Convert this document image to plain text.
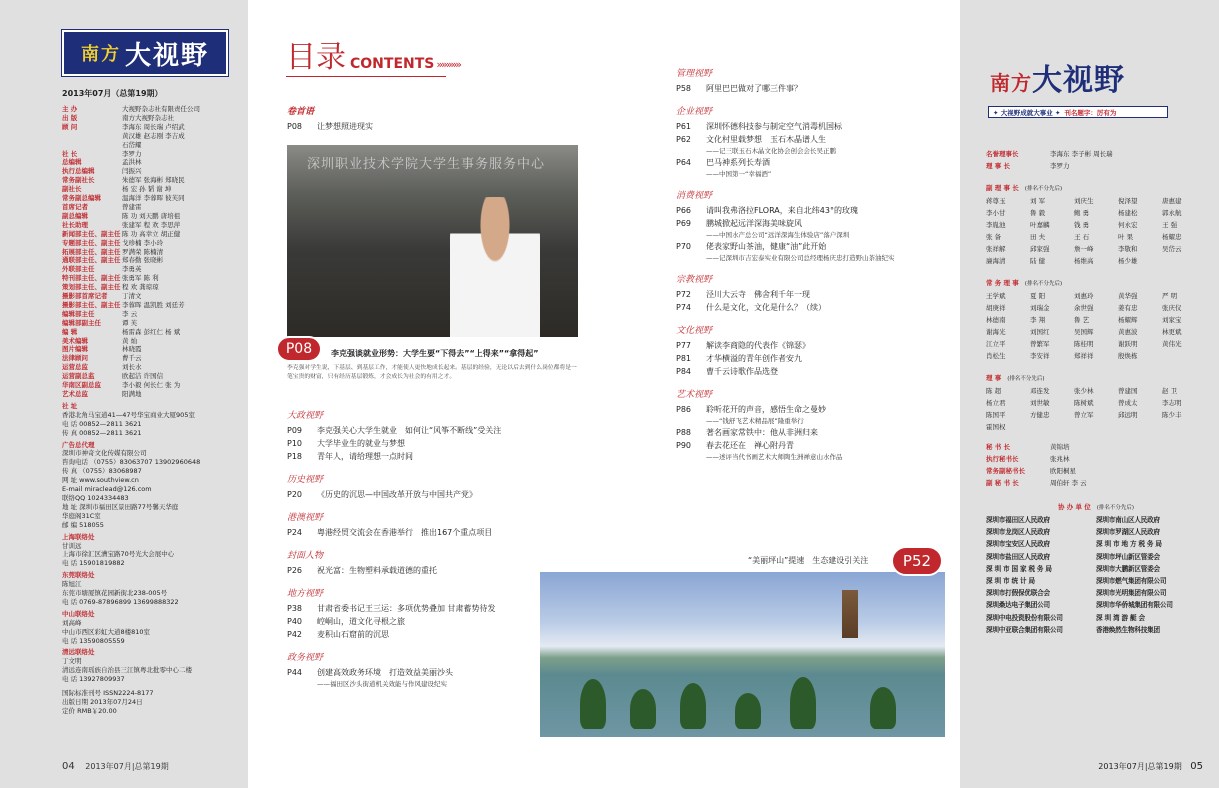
南方 大视野
2013年07月（总第19期）
主 办	大视野杂志社有限责任公司
出 版	南方大视野杂志社
顾 问	李海东 周长瑞 卢绍武
黄汉雄 赵志刚 李吉成
石岱耀
社 长	李罗力
总编辑	孟洪林
执行总编辑	闫振兴
常务副社长	朱德军 张海彬 郑晓民
副社长	杨 宏 孙 韬 谢 坤
常务副总编辑	温海洋 李蓉晖 彼芙同
首席记者	曾建雷
副总编辑	陈 功 刘天鹏 唐培祖
社长助理	张建军 程 欢 李思萍
新闻部主任、副主任 陈 功 高幸立 胡正健
专题部主任、副主任 戈珍楠 李小玲
拓展部主任、副主任 罗满荣 陈楠清
通联部主任、副主任 郑春勤 张晓彬
外联部主任	李勇英
特刊部主任、副主任 张勇军 陈 利
策划部主任、副主任 程 欢 龚琼琼
摄影部首席记者	丁清文
摄影部主任、副主任 李蓉晖 温凯胜 刘廷芳
编辑部主任	李 云
编辑部副主任	谭 芙
编 辑	杨雷森 彭红仁 杨 斌
美术编辑	黄 灿
图片编辑	林晓霞
法律顾问	曹千云
运营总监	刘长水
运营副总监	欧起洁 许国信
华南区副总监	李小毅 何长仁 张 为
艺术总监	阳满地
社 址
香港北角马宝道41—47号华宝商业大厦905室
电 话 00852—2811 3621
传 真 00852—2811 3621
广告总代理
深圳市神奇文化传媒有限公司
咨询电话 （0755）83063707 13902960648
传 真 （0755）83068987
网 址 www.southview.cn
E-mail miraclead@126.com
联络QQ 1024334483
地 址 深圳市福田区景田路77号馨天华庭
华庭阁31C室
邮 编 518055
上海联络处
甘训远
上海市徐汇区漕宝路70号光大会展中心
电 话 15901819882
东莞联络处
陈旭江
东莞市塘厦镇花园新街北238-005号
电 话 0769-87896899 13699888322
中山联络处
刘高峰
中山市西区彩虹大道8楼810室
电 话 13590805559
清远联络处
丁文明
清远连南瑶族自治县三江镇粤北批零中心二楼
电 话 13927809937
国际标准刊号 ISSN2224-8177
出版日期 2013年07月24日
定价 RMB￥20.00
04 2013年07月|总第19期
目录 CONTENTS »»»»»
卷首语
P08	让梦想照进现实
深圳职业技术学院大学生事务服务中心
P08	李克强谈就业形势：大学生要“下得去”“上得来”“拿得起”
李克强对学生说，下基层、到基层工作，才能使人更快地成长起来。基层的经验，无论以后去到什么岗位都将是一笔宝贵的财富，只有经历基层锻炼，才会成长为社会的有用之才。
大政视野
P09	李克强关心大学生就业　如何让“风筝不断线”受关注
P10	大学毕业生的就业与梦想
P18	青年人，请给理想一点时间
历史视野
P20	《历史的沉思—中国改革开放与中国共产党》
港澳视野
P24	粤港经贸交流会在香港举行　推出167个重点项目
封面人物
P26	祝光富：生物塑料承载道德的重托
地方视野
P38	甘肃省委书记王三运：多项优势叠加 甘肃蓄势待发
P40	崆峒山，道文化寻根之旅
P42	麦积山石窟前的沉思
政务视野
P44	创建高效政务环境　打造效益美丽沙头
——福田区沙头街道机关效能与作风建设纪实
管理视野
P58	阿里巴巴做对了哪三件事？
企业视野
P61	深圳怀德科技参与制定空气消毒机国标
P62	文化村里载梦想　玉石木晶谱人生
——记三联玉石木晶文化协会创会会长吴正鹏
P64	巴马神系列长寿酒
——中国第一“幸福酒”
消费视野
P66	请叫我弗洛拉FLORA，来自北纬43°的玫瑰
P69	鹏城掀起远洋深海美味旋风
——中国水产总公司“远洋深海生体验店”落户深圳
P70	佬表家野山茶油，健康“油”此开始
——记深圳市吉宏泰实业有限公司总经理杨庆忠打造野山茶油纪实
宗教视野
P72	泾川大云寺　佛舍利千年一现
P74	什么是文化，文化是什么？（续）
文化视野
P77	解读李商隐的代表作《锦瑟》
P81	才华横溢的青年创作者安九
P84	曹千云诗歌作品选登
艺术视野
P86	聆听花开的声音，感悟生命之曼妙
——“钱舒飞艺术精品展”隆重举行
P88	著名画家常铁中：他从非洲归来
P90	春去花还在　禅心附丹青
——述评当代书画艺术大师陶生洲禅意山水作品
“美丽坪山”提速　生态建设引关注	P52
南方大视野
✦ 大视野成就大事业 ✦ 刊名题字：厉有为
名誉理事长	李海东 李子彬 周长瑞
理 事 长	李罗力
副 理 事 长 (排名不分先后)
蒋尊玉	刘 军	刘庆生	倪泽望	唐惠建
李小甘	鲁 毅	鲍 勇	杨建松	郭永航
李胤池	叶嘉麟	钱 勇	何永宏	王 强
张 备	田 夫	王 石	叶 果	杨耀忠
张祥解	邱家强	詹一峰	李敬和	吴岱云
廉海清	陆 健	杨维高	杨少雄
常 务 理 事 (排名不分先后)
王学斌	夏 阳	刘惠玲	黄华强	严 明
胡庚祥	刘瑞金	余世强	姜有忠	张庆仪
林德南	李 翔	鲁 艺	杨耀辉	刘家宝
谢海光	刘国红	吴国辉	黄惠波	林更斌
江立平	曾繁军	陈桂明	谢跃明	黄伟光
肖松生	李安祥	郑祥祥	殷焕栋
理 事 (排名不分先后)
陈 超	邓连发	张少林	曾建国	赵 卫
杨立君	刘世敏	陈树斌	曾成太	李志明
陈国平	方健忠	曾立军	邱远明	陈少丰
霍国权
秘 书 长	黄锦培
执行秘书长	张兆林
常务副秘书长	欧阳桐星
副 秘 书 长	周伯轩 李 云
协 办 单 位 (排名不分先后)
深圳市福田区人民政府	深圳市南山区人民政府
深圳市龙岗区人民政府	深圳市罗湖区人民政府
深圳市宝安区人民政府	深 圳 市 地 方 税 务 局
深圳市盐田区人民政府	深圳市坪山新区管委会
深 圳 市 国 家 税 务 局	深圳市大鹏新区管委会
深 圳 市 统 计 局	深圳市燃气集团有限公司
深圳市打假保优联合会	深圳市光明集团有限公司
深圳桑达电子集团公司	深圳市华侨城集团有限公司
深圳中电投资股份有限公司	深 圳 湾 游 艇 会
深圳中亚联合集团有限公司	香港焕然生物科技集团
2013年07月|总第19期 05
